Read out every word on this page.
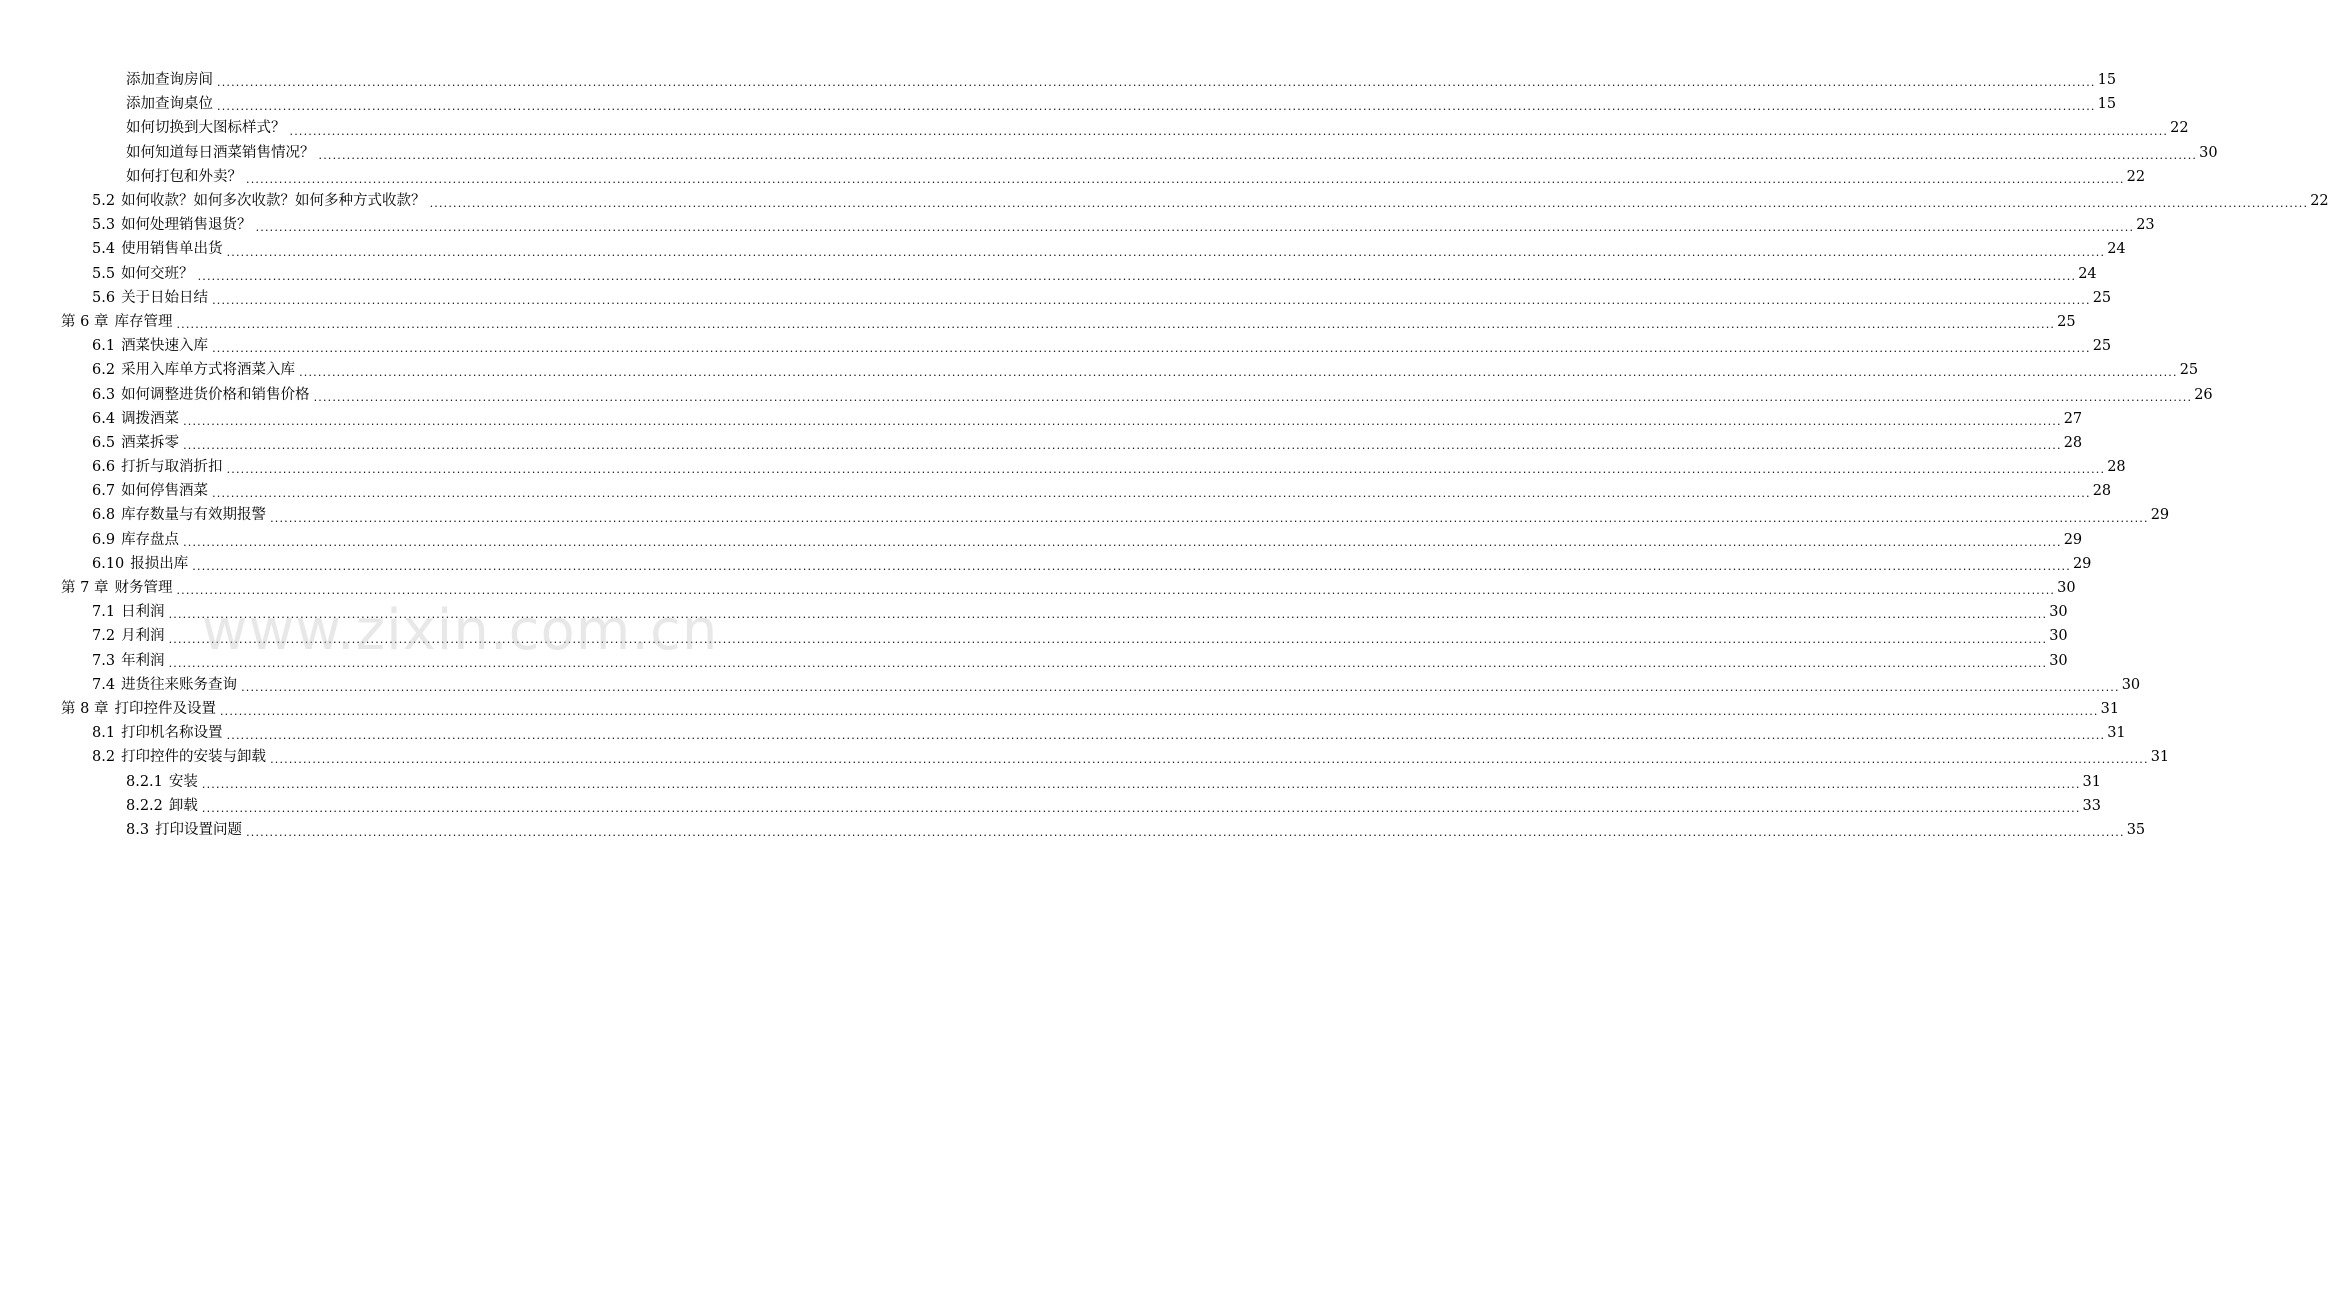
添加查询房间 ................................................................................................................................................................................................................................................................................................................................................................................................................ 15
添加查询桌位 ................................................................................................................................................................................................................................................................................................................................................................................................................ 15
如何切换到大图标样式？ ................................................................................................................................................................................................................................................................................................................................................................................................................ 22
如何知道每日酒菜销售情况？ ................................................................................................................................................................................................................................................................................................................................................................................................................ 30
如何打包和外卖？ ................................................................................................................................................................................................................................................................................................................................................................................................................ 22
5.2 如何收款？如何多次收款？如何多种方式收款？ ................................................................................................................................................................................................................................................................................................................................................................................................................ 22
5.3 如何处理销售退货？ ................................................................................................................................................................................................................................................................................................................................................................................................................ 23
5.4 使用销售单出货 ................................................................................................................................................................................................................................................................................................................................................................................................................ 24
5.5 如何交班？ ................................................................................................................................................................................................................................................................................................................................................................................................................ 24
5.6 关于日始日结 ................................................................................................................................................................................................................................................................................................................................................................................................................ 25
第 6 章 库存管理 ................................................................................................................................................................................................................................................................................................................................................................................................................ 25
6.1 酒菜快速入库 ................................................................................................................................................................................................................................................................................................................................................................................................................ 25
6.2 采用入库单方式将酒菜入库 ................................................................................................................................................................................................................................................................................................................................................................................................................ 25
6.3 如何调整进货价格和销售价格 ................................................................................................................................................................................................................................................................................................................................................................................................................ 26
6.4 调拨酒菜 ................................................................................................................................................................................................................................................................................................................................................................................................................ 27
6.5 酒菜拆零 ................................................................................................................................................................................................................................................................................................................................................................................................................ 28
6.6 打折与取消折扣 ................................................................................................................................................................................................................................................................................................................................................................................................................ 28
6.7 如何停售酒菜 ................................................................................................................................................................................................................................................................................................................................................................................................................ 28
6.8 库存数量与有效期报警 ................................................................................................................................................................................................................................................................................................................................................................................................................ 29
6.9 库存盘点 ................................................................................................................................................................................................................................................................................................................................................................................................................ 29
6.10 报损出库 ................................................................................................................................................................................................................................................................................................................................................................................................................ 29
第 7 章 财务管理 ................................................................................................................................................................................................................................................................................................................................................................................................................ 30
7.1 日利润 ................................................................................................................................................................................................................................................................................................................................................................................................................ 30
7.2 月利润 ................................................................................................................................................................................................................................................................................................................................................................................................................ 30
7.3 年利润 ................................................................................................................................................................................................................................................................................................................................................................................................................ 30
7.4 进货往来账务查询 ................................................................................................................................................................................................................................................................................................................................................................................................................ 30
第 8 章 打印控件及设置 ................................................................................................................................................................................................................................................................................................................................................................................................................ 31
8.1 打印机名称设置 ................................................................................................................................................................................................................................................................................................................................................................................................................ 31
8.2 打印控件的安装与卸载 ................................................................................................................................................................................................................................................................................................................................................................................................................ 31
8.2.1 安装 ................................................................................................................................................................................................................................................................................................................................................................................................................ 31
8.2.2 卸载 ................................................................................................................................................................................................................................................................................................................................................................................................................ 33
8.3 打印设置问题 ................................................................................................................................................................................................................................................................................................................................................................................................................ 35
www.zixin.com.cn
